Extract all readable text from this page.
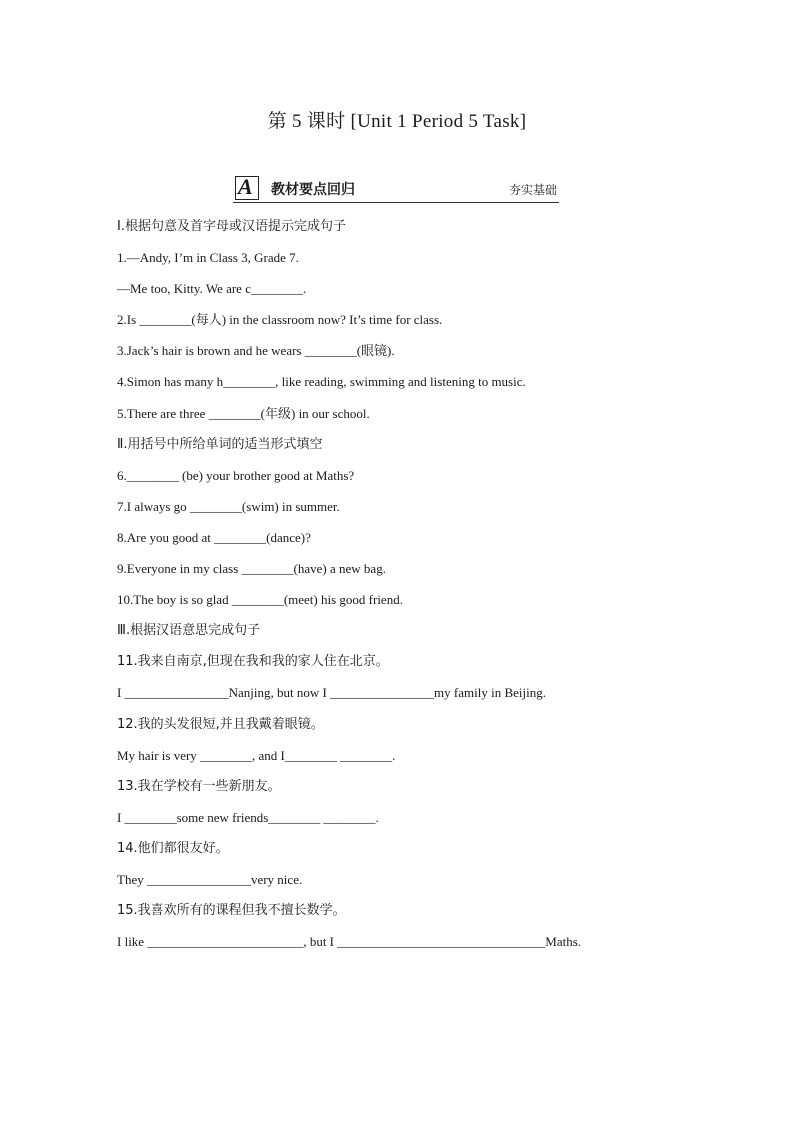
第 5 课时 [Unit 1 Period 5 Task]
A 教材要点回归	夯实基础
Ⅰ.根据句意及首字母或汉语提示完成句子
1.—Andy, I’m in Class 3, Grade 7.
—Me too, Kitty. We are c________.
2.Is ________(每人) in the classroom now? It’s time for class.
3.Jack’s hair is brown and he wears ________(眼镜).
4.Simon has many h________, like reading, swimming and listening to music.
5.There are three ________(年级) in our school.
Ⅱ.用括号中所给单词的适当形式填空
6.________ (be) your brother good at Maths?
7.I always go ________(swim) in summer.
8.Are you good at ________(dance)?
9.Everyone in my class ________(have) a new bag.
10.The boy is so glad ________(meet) his good friend.
Ⅲ.根据汉语意思完成句子
11.我来自南京,但现在我和我的家人住在北京。
I ________________Nanjing, but now I ________________my family in Beijing.
12.我的头发很短,并且我戴着眼镜。
My hair is very ________, and I________ ________.
13.我在学校有一些新朋友。
I ________some new friends________ ________.
14.他们都很友好。
They ________________very nice.
15.我喜欢所有的课程但我不擅长数学。
I like ________________________, but I ________________________________Maths.
